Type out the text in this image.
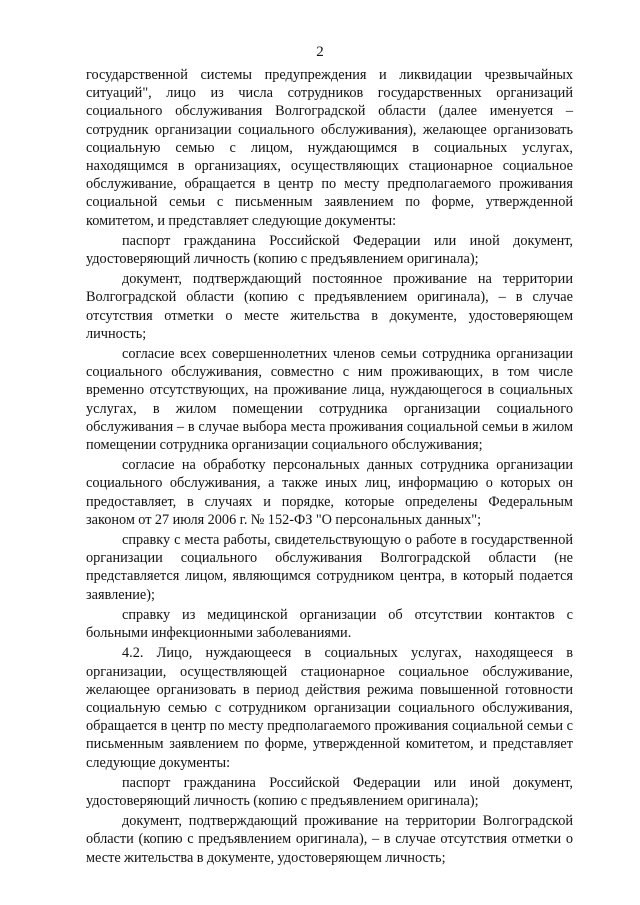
2

государственной системы предупреждения и ликвидации чрезвычайных ситуаций", лицо из числа сотрудников государственных организаций социального обслуживания Волгоградской области (далее именуется – сотрудник организации социального обслуживания), желающее организовать социальную семью с лицом, нуждающимся в социальных услугах, находящимся в организациях, осуществляющих стационарное социальное обслуживание, обращается в центр по месту предполагаемого проживания социальной семьи с письменным заявлением по форме, утвержденной комитетом, и представляет следующие документы:

паспорт гражданина Российской Федерации или иной документ, удостоверяющий личность (копию с предъявлением оригинала);

документ, подтверждающий постоянное проживание на территории Волгоградской области (копию с предъявлением оригинала), – в случае отсутствия отметки о месте жительства в документе, удостоверяющем личность;

согласие всех совершеннолетних членов семьи сотрудника организации социального обслуживания, совместно с ним проживающих, в том числе временно отсутствующих, на проживание лица, нуждающегося в социальных услугах, в жилом помещении сотрудника организации социального обслуживания – в случае выбора места проживания социальной семьи в жилом помещении сотрудника организации социального обслуживания;

согласие на обработку персональных данных сотрудника организации социального обслуживания, а также иных лиц, информацию о которых он предоставляет, в случаях и порядке, которые определены Федеральным законом от 27 июля 2006 г. № 152-ФЗ "О персональных данных";

справку с места работы, свидетельствующую о работе в государственной организации социального обслуживания Волгоградской области (не представляется лицом, являющимся сотрудником центра, в который подается заявление);

справку из медицинской организации об отсутствии контактов с больными инфекционными заболеваниями.

4.2. Лицо, нуждающееся в социальных услугах, находящееся в организации, осуществляющей стационарное социальное обслуживание, желающее организовать в период действия режима повышенной готовности социальную семью с сотрудником организации социального обслуживания, обращается в центр по месту предполагаемого проживания социальной семьи с письменным заявлением по форме, утвержденной комитетом, и представляет следующие документы:

паспорт гражданина Российской Федерации или иной документ, удостоверяющий личность (копию с предъявлением оригинала);

документ, подтверждающий проживание на территории Волгоградской области (копию с предъявлением оригинала), – в случае отсутствия отметки о месте жительства в документе, удостоверяющем личность;
